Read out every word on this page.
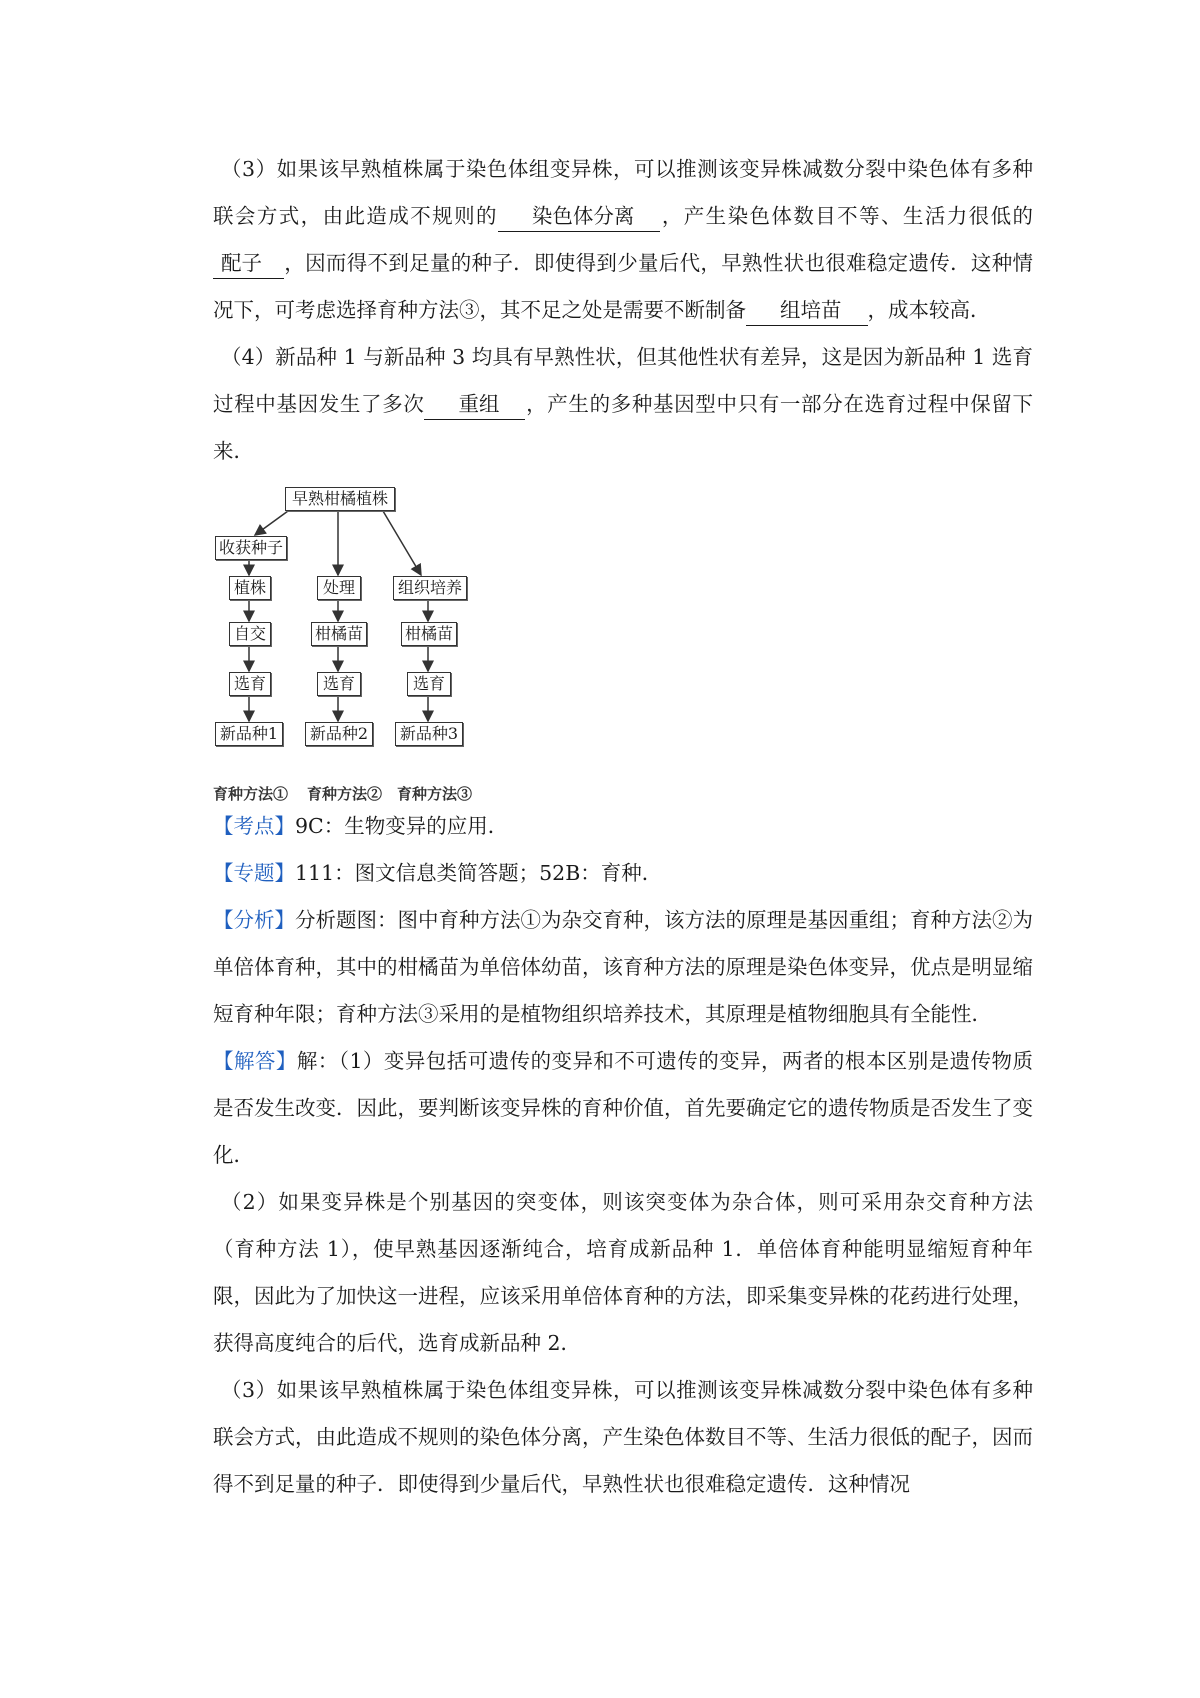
（3）如果该早熟植株属于染色体组变异株，可以推测该变异株减数分裂中染色体有多种联会方式，由此造成不规则的 染色体分离 ，产生染色体数目不等、生活力很低的配子 ，因而得不到足量的种子．即使得到少量后代，早熟性状也很难稳定遗传．这种情况下，可考虑选择育种方法③，其不足之处是需要不断制备 组培苗 ，成本较高．

（4）新品种 1 与新品种 3 均具有早熟性状，但其他性状有差异，这是因为新品种 1 选育过程中基因发生了多次 重组 ，产生的多种基因型中只有一部分在选育过程中保留下来．

早熟柑橘植株
收获种子
植株
自交
选育
新品种1
处理
柑橘苗
选育
新品种2
组织培养
柑橘苗
选育
新品种3
育种方法① 育种方法② 育种方法③

【考点】9C：生物变异的应用．

【专题】111：图文信息类简答题；52B：育种．

【分析】分析题图：图中育种方法①为杂交育种，该方法的原理是基因重组；育种方法②为单倍体育种，其中的柑橘苗为单倍体幼苗，该育种方法的原理是染色体变异，优点是明显缩短育种年限；育种方法③采用的是植物组织培养技术，其原理是植物细胞具有全能性．

【解答】解：（1）变异包括可遗传的变异和不可遗传的变异，两者的根本区别是遗传物质是否发生改变．因此，要判断该变异株的育种价值，首先要确定它的遗传物质是否发生了变化．

（2）如果变异株是个别基因的突变体，则该突变体为杂合体，则可采用杂交育种方法（育种方法 1），使早熟基因逐渐纯合，培育成新品种 1．单倍体育种能明显缩短育种年限，因此为了加快这一进程，应该采用单倍体育种的方法，即采集变异株的花药进行处理，获得高度纯合的后代，选育成新品种 2．

（3）如果该早熟植株属于染色体组变异株，可以推测该变异株减数分裂中染色体有多种联会方式，由此造成不规则的染色体分离，产生染色体数目不等、生活力很低的配子，因而得不到足量的种子．即使得到少量后代，早熟性状也很难稳定遗传．这种情况
